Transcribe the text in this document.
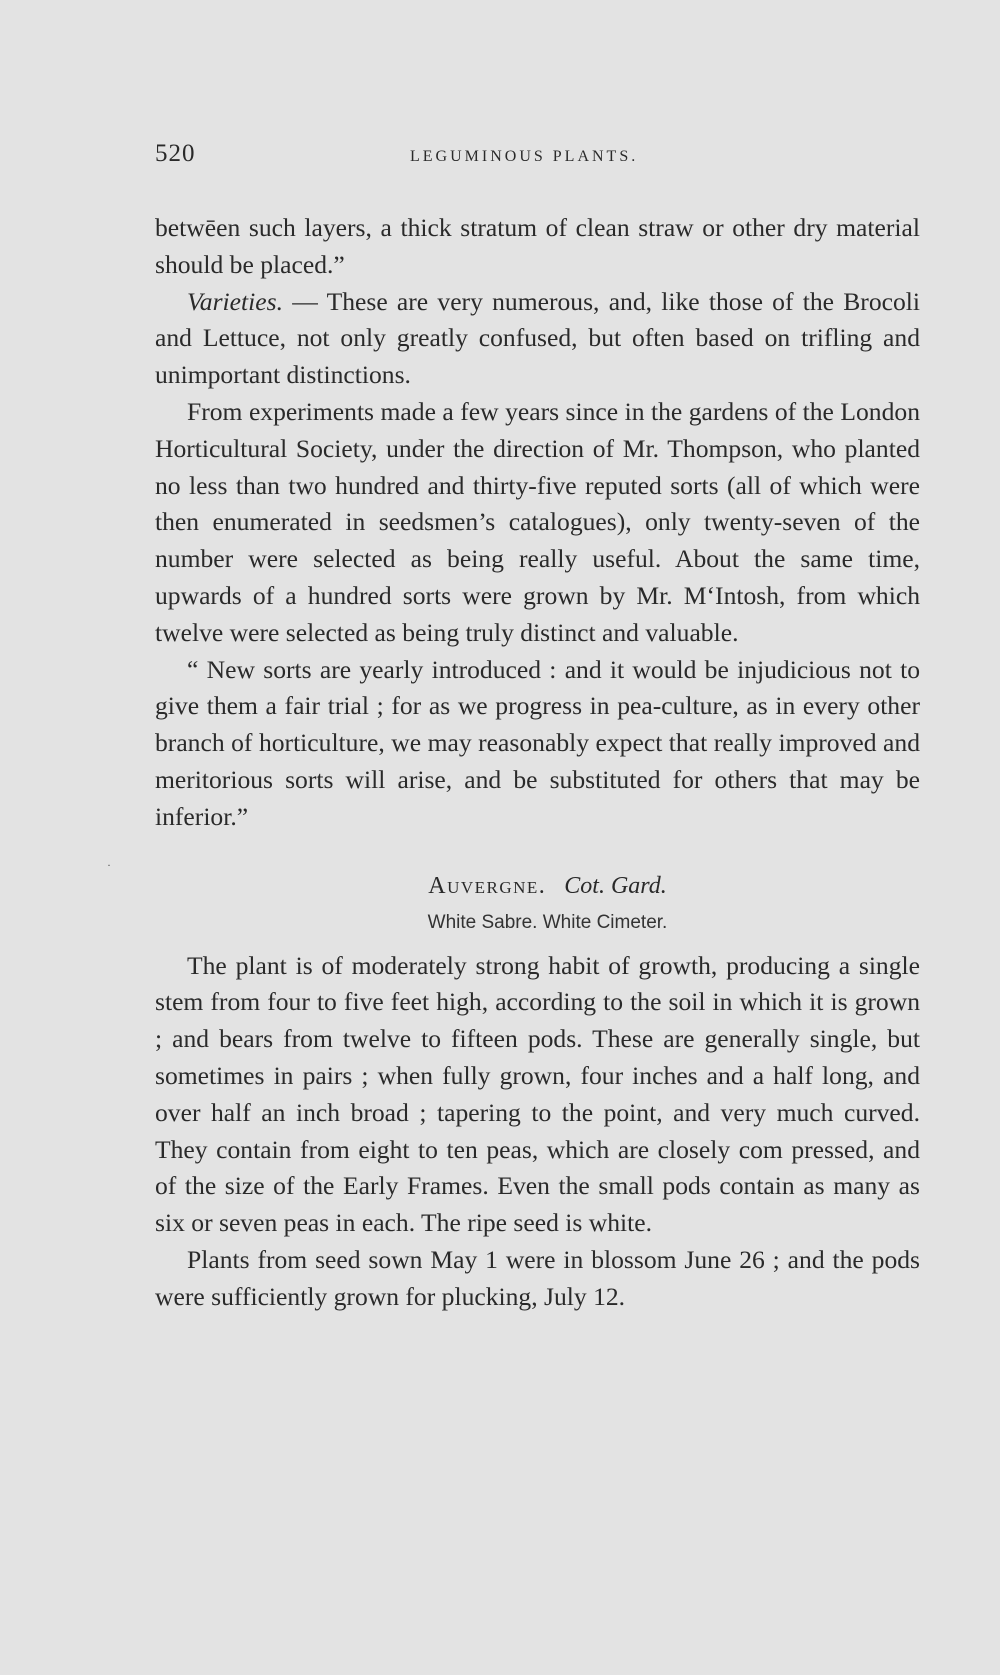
520	LEGUMINOUS PLANTS.

betwēen such layers, a thick stratum of clean straw or other dry material should be placed.”

Varieties. — These are very numerous, and, like those of the Brocoli and Lettuce, not only greatly confused, but often based on trifling and unimportant distinctions.

From experiments made a few years since in the gardens of the London Horticultural Society, under the direction of Mr. Thompson, who planted no less than two hundred and thirty-five reputed sorts (all of which were then enumerated in seedsmen’s catalogues), only twenty-seven of the number were selected as being really useful. About the same time, upwards of a hundred sorts were grown by Mr. M‘Intosh, from which twelve were selected as being truly distinct and valuable.

“ New sorts are yearly introduced : and it would be injudicious not to give them a fair trial ; for as we progress in pea-culture, as in every other branch of horticulture, we may reasonably expect that really improved and meritorious sorts will arise, and be substituted for others that may be inferior.”

Auvergne. Cot. Gard.
White Sabre. White Cimeter.

The plant is of moderately strong habit of growth, producing a single stem from four to five feet high, according to the soil in which it is grown ; and bears from twelve to fifteen pods. These are generally single, but sometimes in pairs ; when fully grown, four inches and a half long, and over half an inch broad ; tapering to the point, and very much curved. They contain from eight to ten peas, which are closely com pressed, and of the size of the Early Frames. Even the small pods contain as many as six or seven peas in each. The ripe seed is white.

Plants from seed sown May 1 were in blossom June 26 ; and the pods were sufficiently grown for plucking, July 12.

·
